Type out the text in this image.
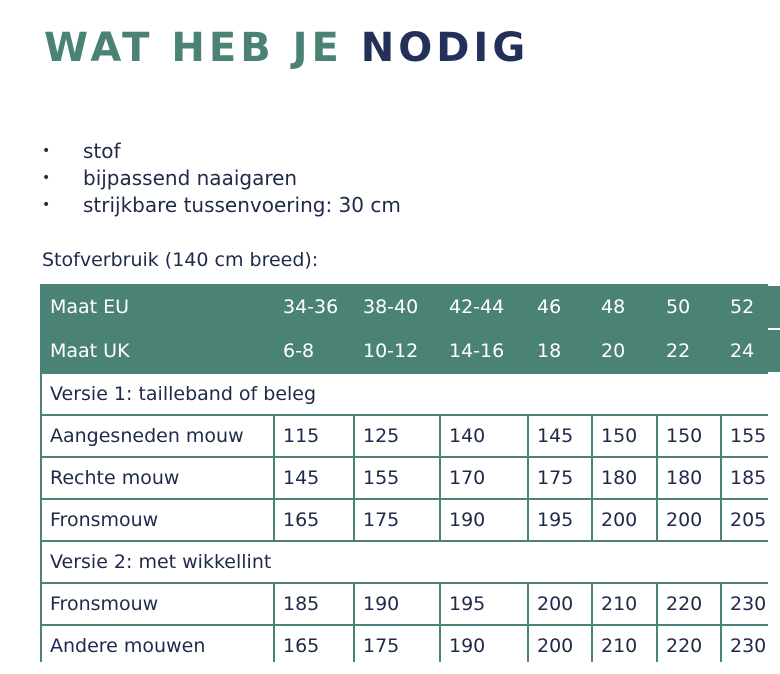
WAT HEB JE NODIG
• stof
• bijpassend naaigaren
• strijkbare tussenvoering: 30 cm

Stofverbruik (140 cm breed):

Maat EU	34-36	38-40	42-44	46	48	50	52
Maat UK	6-8	10-12	14-16	18	20	22	24
Versie 1: tailleband of beleg							
Aangesneden mouw	115	125	140	145	150	150	155
Rechte mouw	145	155	170	175	180	180	185
Fronsmouw	165	175	190	195	200	200	205
Versie 2: met wikkellint							
Fronsmouw	185	190	195	200	210	220	230
Andere mouwen	165	175	190	200	210	220	230
